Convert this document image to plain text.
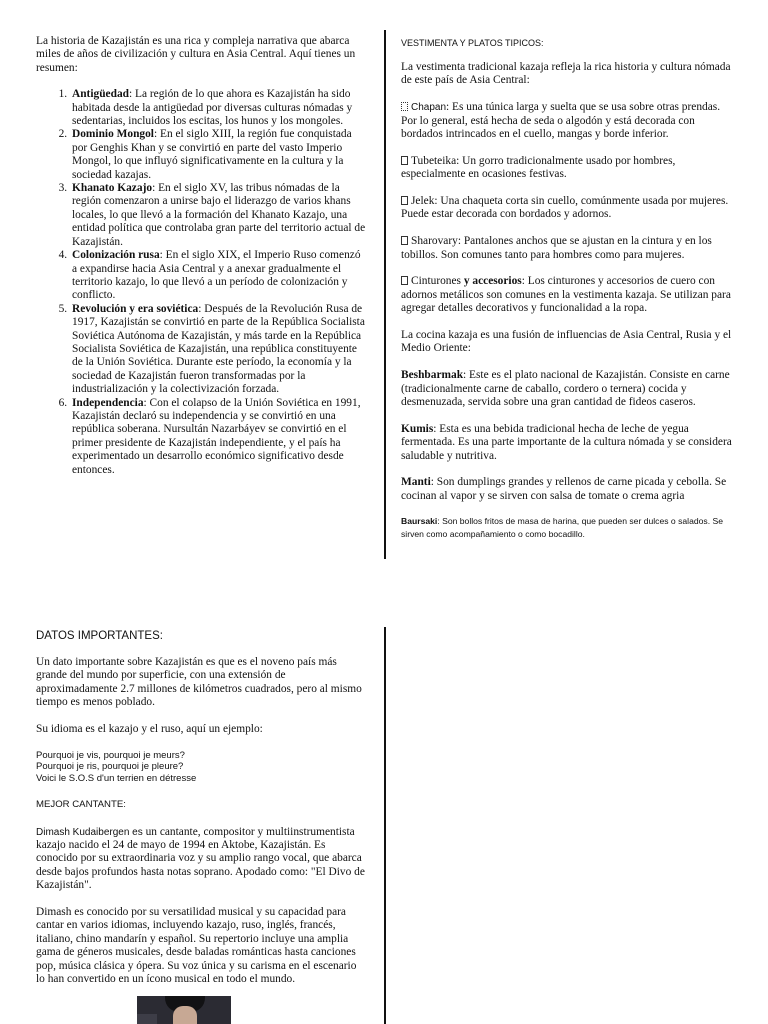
La historia de Kazajistán es una rica y compleja narrativa que abarca miles de años de civilización y cultura en Asia Central. Aquí tienes un resumen:

1. Antigüedad: La región de lo que ahora es Kazajistán ha sido habitada desde la antigüedad por diversas culturas nómadas y sedentarias, incluidos los escitas, los hunos y los mongoles.
2. Dominio Mongol: En el siglo XIII, la región fue conquistada por Genghis Khan y se convirtió en parte del vasto Imperio Mongol, lo que influyó significativamente en la cultura y la sociedad kazajas.
3. Khanato Kazajo: En el siglo XV, las tribus nómadas de la región comenzaron a unirse bajo el liderazgo de varios khans locales, lo que llevó a la formación del Khanato Kazajo, una entidad política que controlaba gran parte del territorio actual de Kazajistán.
4. Colonización rusa: En el siglo XIX, el Imperio Ruso comenzó a expandirse hacia Asia Central y a anexar gradualmente el territorio kazajo, lo que llevó a un período de colonización y conflicto.
5. Revolución y era soviética: Después de la Revolución Rusa de 1917, Kazajistán se convirtió en parte de la República Socialista Soviética Autónoma de Kazajistán, y más tarde en la República Socialista Soviética de Kazajistán, una república constituyente de la Unión Soviética. Durante este período, la economía y la sociedad de Kazajistán fueron transformadas por la industrialización y la colectivización forzada.
6. Independencia: Con el colapso de la Unión Soviética en 1991, Kazajistán declaró su independencia y se convirtió en una república soberana. Nursultán Nazarbáyev se convirtió en el primer presidente de Kazajistán independiente, y el país ha experimentado un desarrollo económico significativo desde entonces.

VESTIMENTA Y PLATOS TIPICOS:

La vestimenta tradicional kazaja refleja la rica historia y cultura nómada de este país de Asia Central:

Chapan: Es una túnica larga y suelta que se usa sobre otras prendas. Por lo general, está hecha de seda o algodón y está decorada con bordados intrincados en el cuello, mangas y borde inferior.

Tubeteika: Un gorro tradicionalmente usado por hombres, especialmente en ocasiones festivas.

Jelek: Una chaqueta corta sin cuello, comúnmente usada por mujeres. Puede estar decorada con bordados y adornos.

Sharovary: Pantalones anchos que se ajustan en la cintura y en los tobillos. Son comunes tanto para hombres como para mujeres.

Cinturones y accesorios: Los cinturones y accesorios de cuero con adornos metálicos son comunes en la vestimenta kazaja. Se utilizan para agregar detalles decorativos y funcionalidad a la ropa.

La cocina kazaja es una fusión de influencias de Asia Central, Rusia y el Medio Oriente:

Beshbarmak: Este es el plato nacional de Kazajistán. Consiste en carne (tradicionalmente carne de caballo, cordero o ternera) cocida y desmenuzada, servida sobre una gran cantidad de fideos caseros.

Kumis: Esta es una bebida tradicional hecha de leche de yegua fermentada. Es una parte importante de la cultura nómada y se considera saludable y nutritiva.

Manti: Son dumplings grandes y rellenos de carne picada y cebolla. Se cocinan al vapor y se sirven con salsa de tomate o crema agria

Baursaki: Son bollos fritos de masa de harina, que pueden ser dulces o salados. Se sirven como acompañamiento o como bocadillo.

DATOS IMPORTANTES:

Un dato importante sobre Kazajistán es que es el noveno país más grande del mundo por superficie, con una extensión de aproximadamente 2.7 millones de kilómetros cuadrados, pero al mismo tiempo es menos poblado.

Su idioma es el kazajo y el ruso, aquí un ejemplo:

Pourquoi je vis, pourquoi je meurs?
Pourquoi je ris, pourquoi je pleure?
Voici le S.O.S d'un terrien en détresse

MEJOR CANTANTE:

Dimash Kudaibergen es un cantante, compositor y multiinstrumentista kazajo nacido el 24 de mayo de 1994 en Aktobe, Kazajistán. Es conocido por su extraordinaria voz y su amplio rango vocal, que abarca desde bajos profundos hasta notas soprano. Apodado como: "El Divo de Kazajistán".

Dimash es conocido por su versatilidad musical y su capacidad para cantar en varios idiomas, incluyendo kazajo, ruso, inglés, francés, italiano, chino mandarín y español. Su repertorio incluye una amplia gama de géneros musicales, desde baladas románticas hasta canciones pop, música clásica y ópera. Su voz única y su carisma en el escenario lo han convertido en un ícono musical en todo el mundo.
